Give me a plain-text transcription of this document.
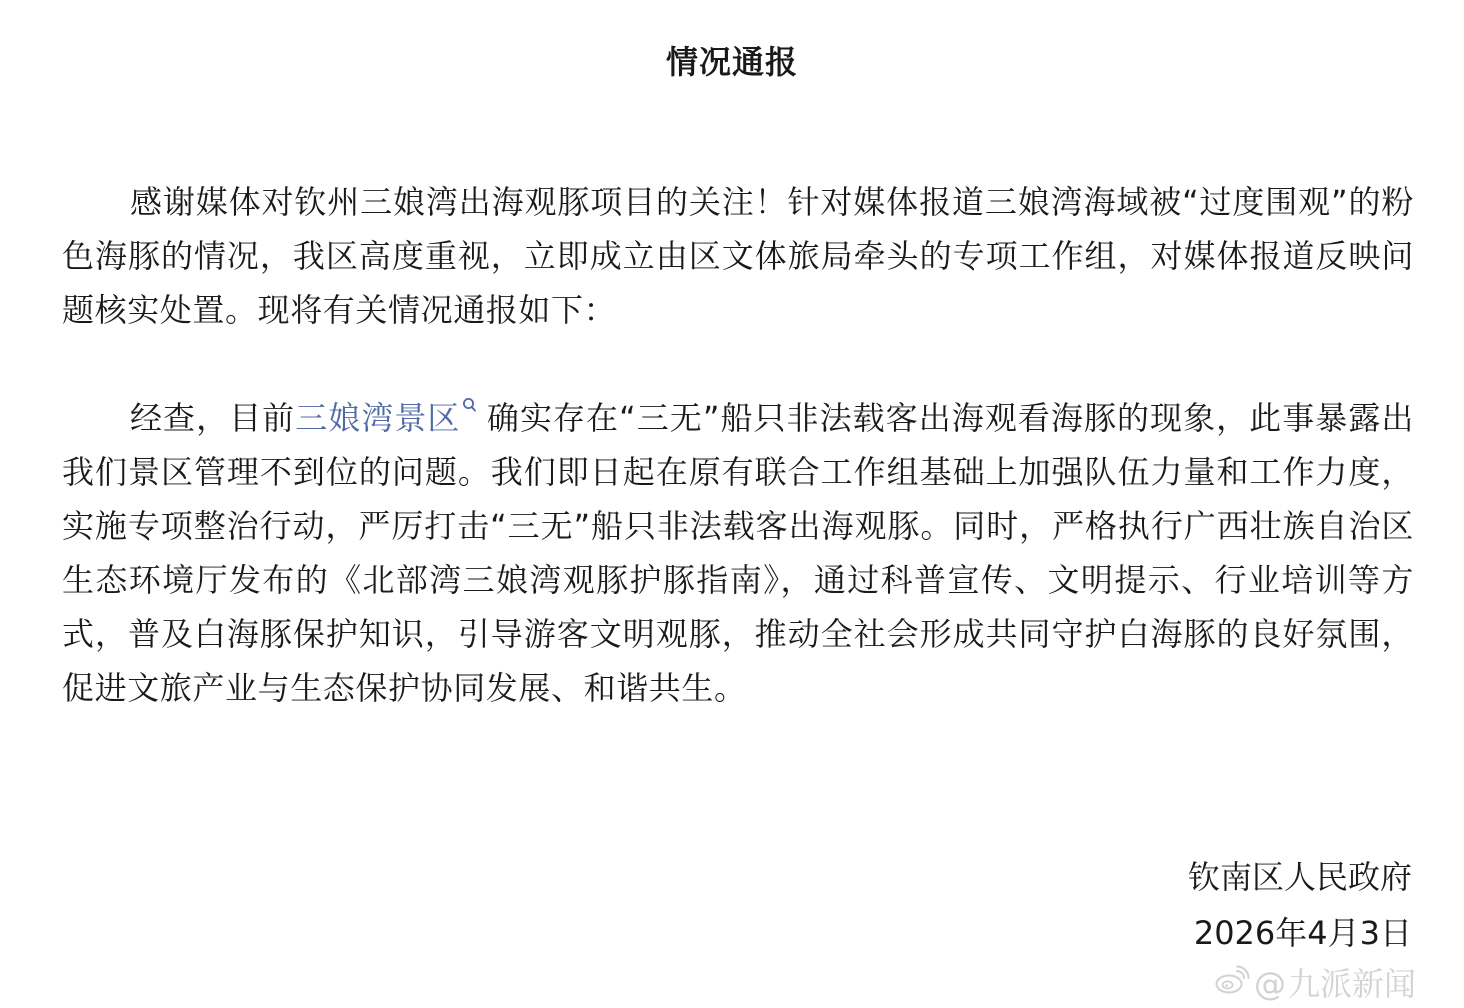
情况通报

感谢媒体对钦州三娘湾出海观豚项目的关注！针对媒体报道三娘湾海域被“过度围观”的粉色海豚的情况，我区高度重视，立即成立由区文体旅局牵头的专项工作组，对媒体报道反映问题核实处置。现将有关情况通报如下：

经查，目前三娘湾景区 确实存在“三无”船只非法载客出海观看海豚的现象，此事暴露出我们景区管理不到位的问题。我们即日起在原有联合工作组基础上加强队伍力量和工作力度，实施专项整治行动，严厉打击“三无”船只非法载客出海观豚。同时，严格执行广西壮族自治区生态环境厅发布的《北部湾三娘湾观豚护豚指南》，通过科普宣传、文明提示、行业培训等方式，普及白海豚保护知识，引导游客文明观豚，推动全社会形成共同守护白海豚的良好氛围，促进文旅产业与生态保护协同发展、和谐共生。

钦南区人民政府
2026年4月3日
@ 九派新闻
